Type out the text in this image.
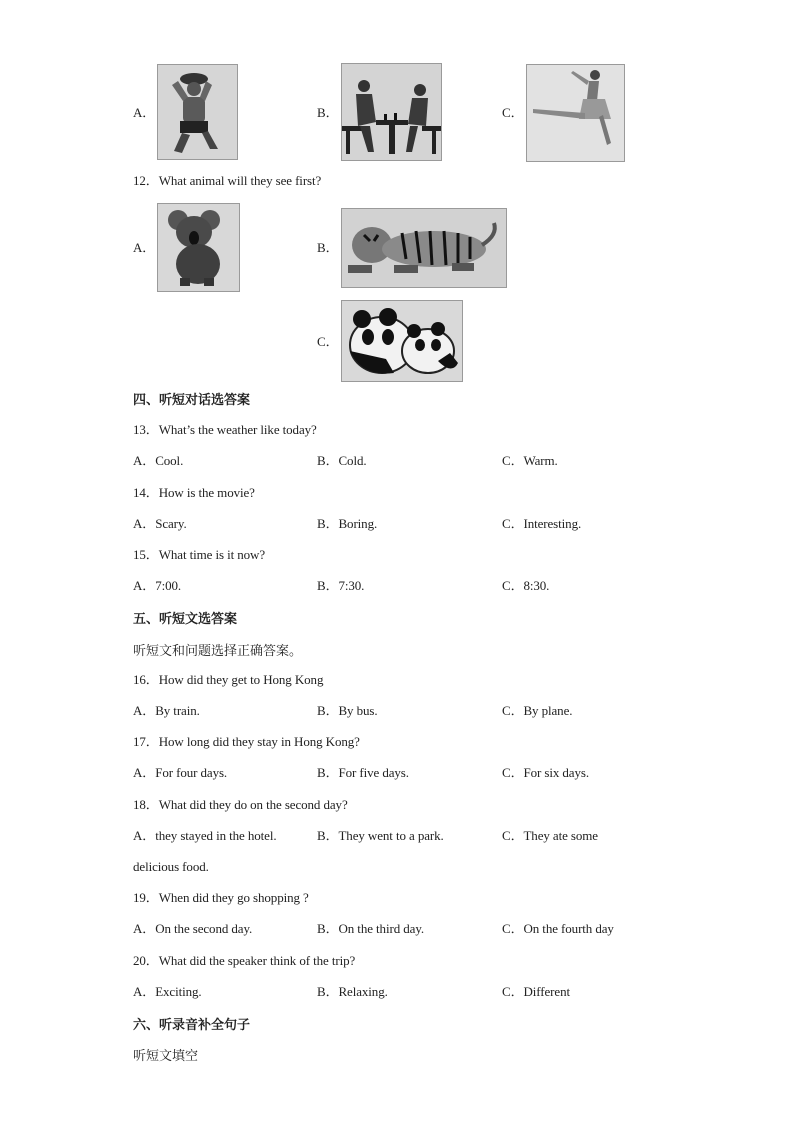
A．	B．	C．
12．What animal will they see first?
A．	B．
C．
四、听短对话选答案
13．What’s the weather like today?
A．Cool.	B．Cold.	C．Warm.
14．How is the movie?
A．Scary.	B．Boring.	C．Interesting.
15．What time is it now?
A．7:00.	B．7:30.	C．8:30.
五、听短文选答案
听短文和问题选择正确答案。
16．How did they get to Hong Kong
A．By train.	B．By bus.	C．By plane.
17．How long did they stay in Hong Kong?
A．For four days.	B．For five days.	C．For six days.
18．What did they do on the second day?
A．they stayed in the hotel.	B．They went to a park.	C．They ate some
delicious food.
19．When did they go shopping ?
A．On the second day.	B．On the third day.	C．On the fourth day
20．What did the speaker think of the trip?
A．Exciting.	B．Relaxing.	C．Different
六、听录音补全句子
听短文填空
